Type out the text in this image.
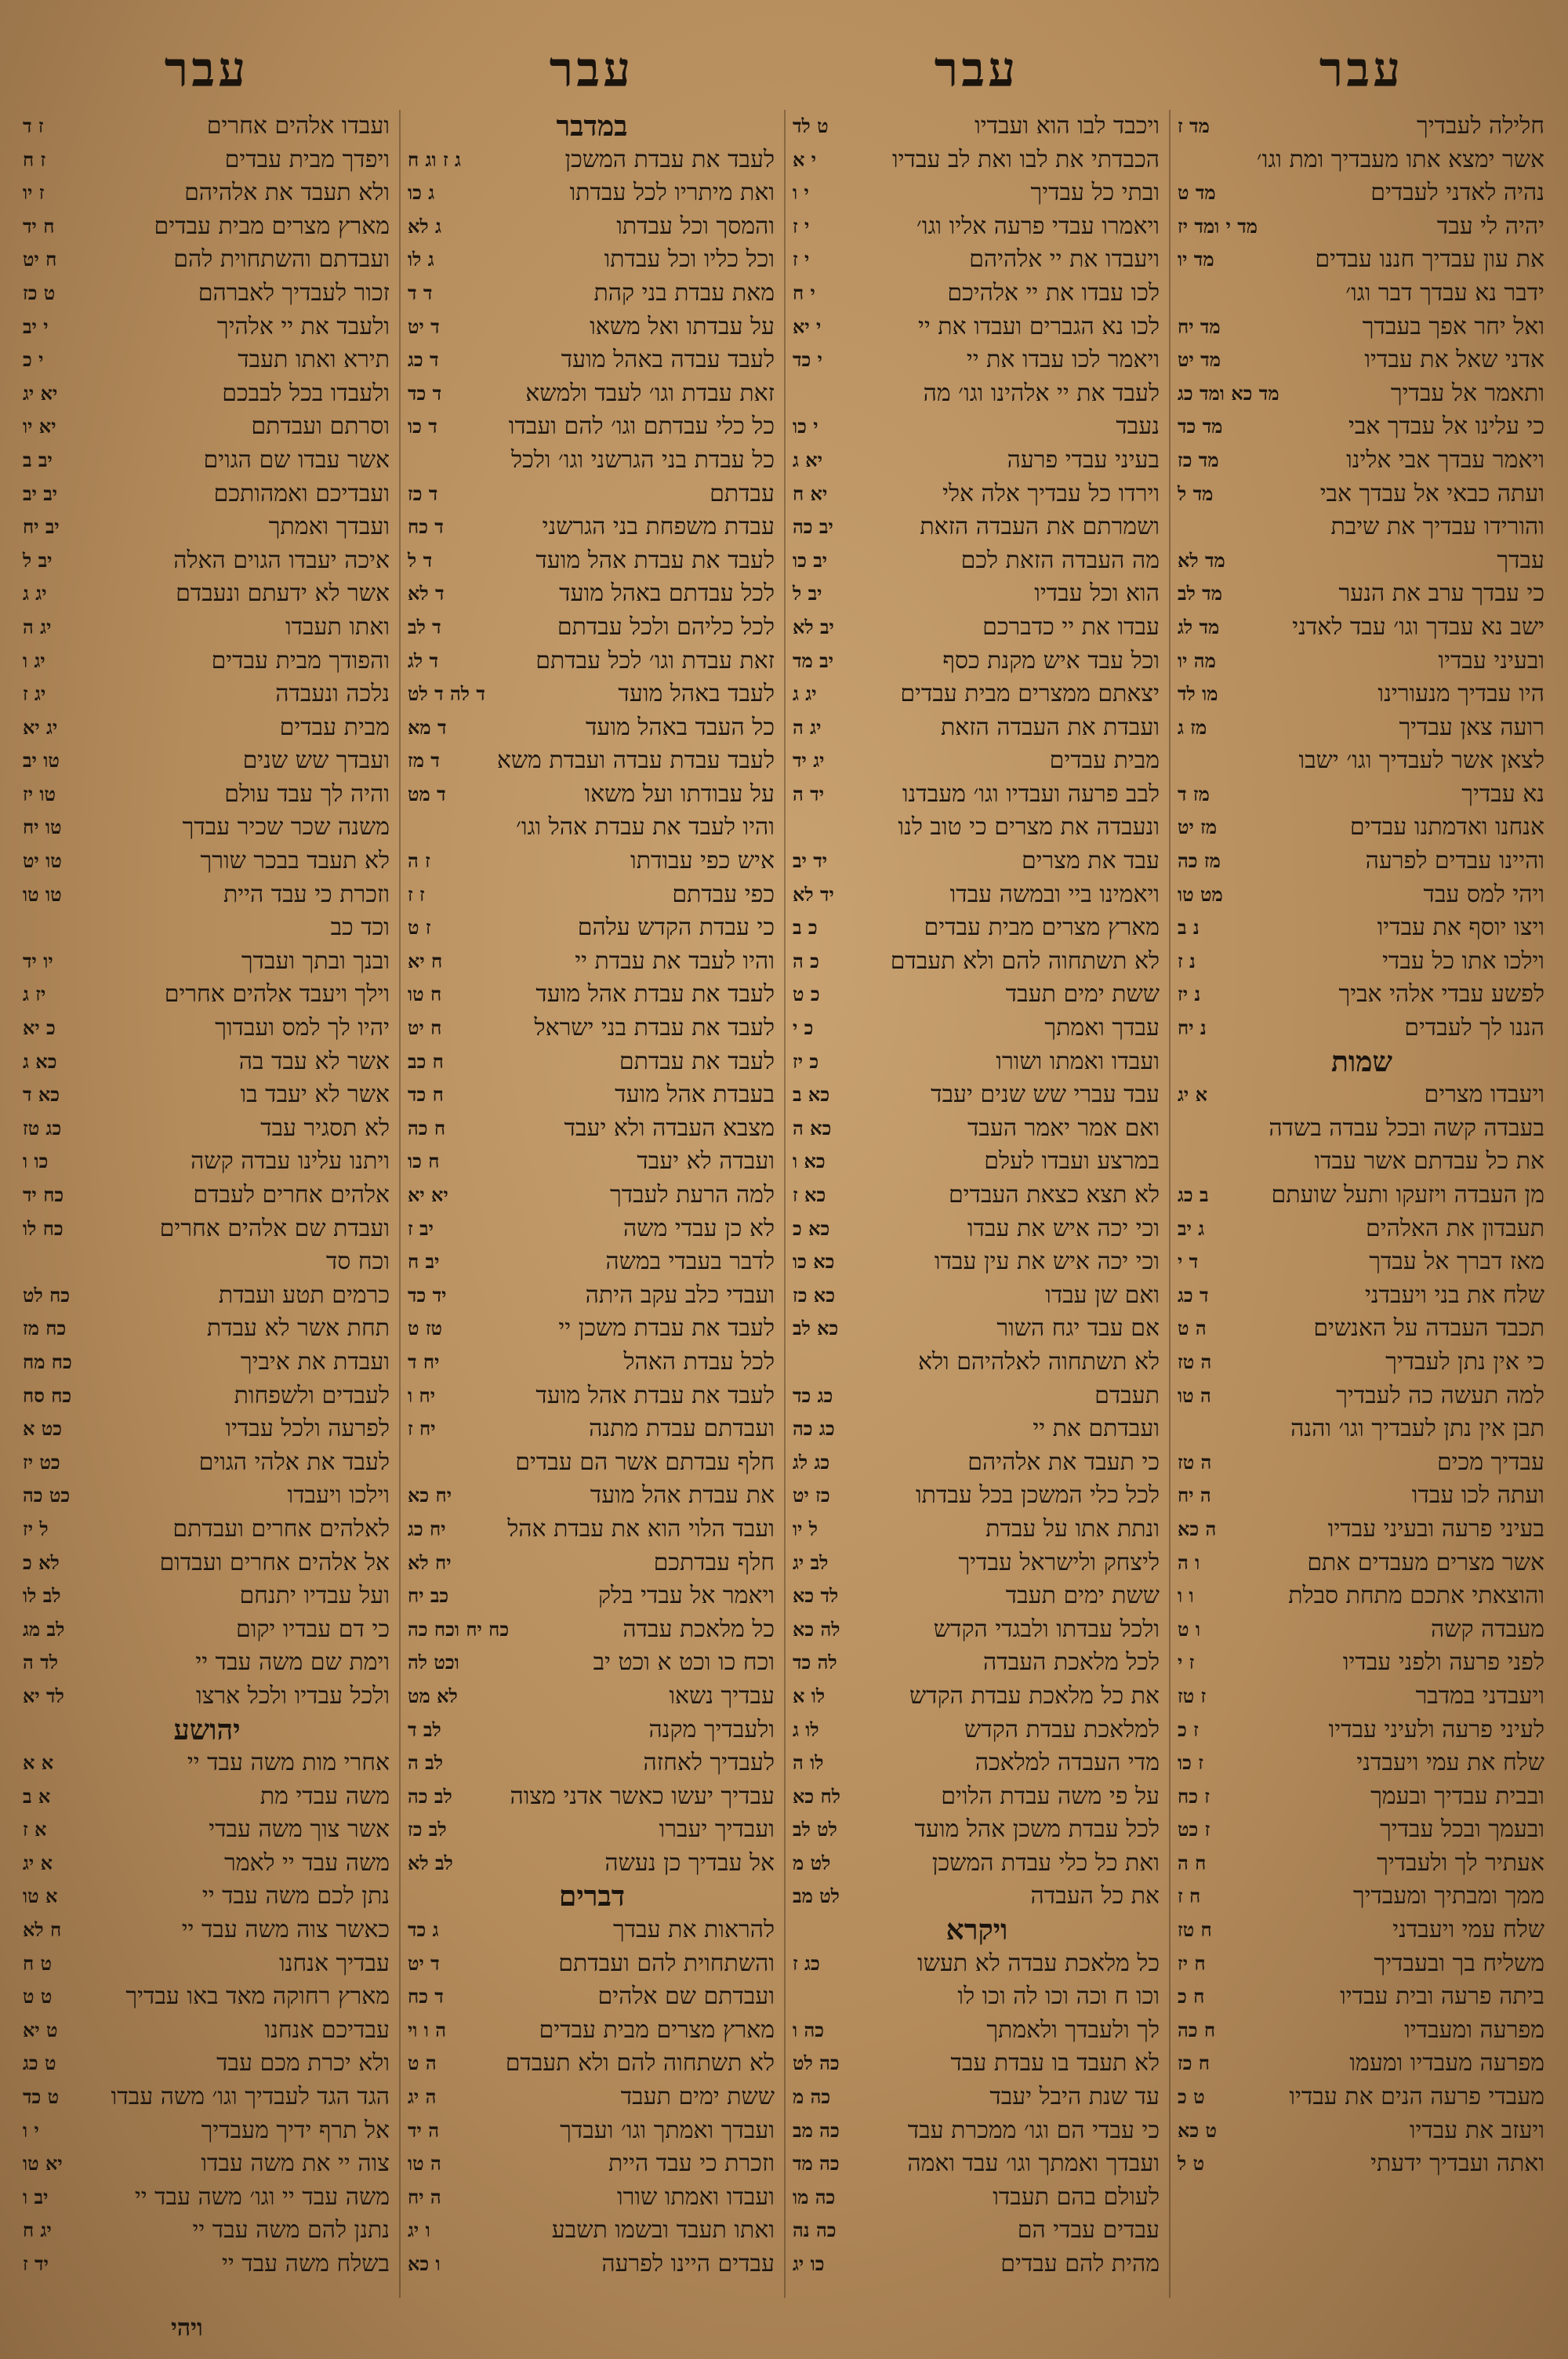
עבר
עבר
עבר
עבר
חלילה לעבדיך
מד ז
אשר ימצא אתו מעבדיך ומת וגו׳
נהיה לאדני לעבדים
מד ט
יהיה לי עבד
מד י ומד יז
את עון עבדיך חננו עבדים
מד יו
ידבר נא עבדך דבר וגו׳
ואל יחר אפך בעבדך
מד יח
אדני שאל את עבדיו
מד יט
ותאמר אל עבדיך
מד כא ומד כג
כי עלינו אל עבדך אבי
מד כד
ויאמר עבדך אבי אלינו
מד כז
ועתה כבאי אל עבדך אבי
מד ל
והורידו עבדיך את שיבת
עבדך
מד לא
כי עבדך ערב את הנער
מד לב
ישב נא עבדך וגו׳ עבד לאדני
מד לג
ובעיני עבדיו
מה יו
היו עבדיך מנעורינו
מו לד
רועה צאן עבדיך
מז ג
לצאן אשר לעבדיך וגו׳ ישבו
נא עבדיך
מז ד
אנחנו ואדמתנו עבדים
מז יט
והיינו עבדים לפרעה
מז כה
ויהי למס עבד
מט טו
ויצו יוסף את עבדיו
נ ב
וילכו אתו כל עבדי
נ ז
לפשע עבדי אלהי אביך
נ יז
הננו לך לעבדים
נ יח
שמות
ויעבדו מצרים
א יג
בעבדה קשה ובכל עבדה בשדה
את כל עבדתם אשר עבדו
מן העבדה ויזעקו ותעל שועתם
ב כג
תעבדון את האלהים
ג יב
מאז דברך אל עבדך
ד י
שלח את בני ויעבדני
ד כג
תכבד העבדה על האנשים
ה ט
כי אין נתן לעבדיך
ה טז
למה תעשה כה לעבדיך
ה טו
תבן אין נתן לעבדיך וגו׳ והנה
עבדיך מכים
ה טז
ועתה לכו עבדו
ה יח
בעיני פרעה ובעיני עבדיו
ה כא
אשר מצרים מעבדים אתם
ו ה
והוצאתי אתכם מתחת סבלת
ו ו
מעבדה קשה
ו ט
לפני פרעה ולפני עבדיו
ז י
ויעבדני במדבר
ז טז
לעיני פרעה ולעיני עבדיו
ז כ
שלח את עמי ויעבדני
ז כו
ובבית עבדיך ובעמך
ז כח
ובעמך ובכל עבדיך
ז כט
אעתיר לך ולעבדיך
ח ה
ממך ומבתיך ומעבדיך
ח ז
שלח עמי ויעבדני
ח טז
משליח בך ובעבדיך
ח יז
ביתה פרעה ובית עבדיו
ח כ
מפרעה ומעבדיו
ח כה
מפרעה מעבדיו ומעמו
ח כז
מעבדי פרעה הנים את עבדיו
ט כ
ויעזב את עבדיו
ט כא
ואתה ועבדיך ידעתי
ט ל
ויכבד לבו הוא ועבדיו
ט לד
הכבדתי את לבו ואת לב עבדיו
י א
ובתי כל עבדיך
י ו
ויאמרו עבדי פרעה אליו וגו׳
י ז
ויעבדו את יי אלהיהם
י ז
לכו עבדו את יי אלהיכם
י ח
לכו נא הגברים ועבדו את יי
י יא
ויאמר לכו עבדו את יי
י כד
לעבד את יי אלהינו וגו׳ מה
נעבד
י כו
בעיני עבדי פרעה
יא ג
וירדו כל עבדיך אלה אלי
יא ח
ושמרתם את העבדה הזאת
יב כה
מה העבדה הזאת לכם
יב כו
הוא וכל עבדיו
יב ל
עבדו את יי כדברכם
יב לא
וכל עבד איש מקנת כסף
יב מד
יצאתם ממצרים מבית עבדים
יג ג
ועבדת את העבדה הזאת
יג ה
מבית עבדים
יג יד
לבב פרעה ועבדיו וגו׳ מעבדנו
יד ה
ונעבדה את מצרים כי טוב לנו
עבד את מצרים
יד יב
ויאמינו ביי ובמשה עבדו
יד לא
מארץ מצרים מבית עבדים
כ ב
לא תשתחוה להם ולא תעבדם
כ ה
ששת ימים תעבד
כ ט
עבדך ואמתך
כ י
ועבדו ואמתו ושורו
כ יז
עבד עברי שש שנים יעבד
כא ב
ואם אמר יאמר העבד
כא ה
במרצע ועבדו לעלם
כא ו
לא תצא כצאת העבדים
כא ז
וכי יכה איש את עבדו
כא כ
וכי יכה איש את עין עבדו
כא כו
ואם שן עבדו
כא כז
אם עבד יגח השור
כא לב
לא תשתחוה לאלהיהם ולא
תעבדם
כג כד
ועבדתם את יי
כג כה
כי תעבד את אלהיהם
כג לג
לכל כלי המשכן בכל עבדתו
כז יט
ונתת אתו על עבדת
ל יו
ליצחק ולישראל עבדיך
לב יג
ששת ימים תעבד
לד כא
ולכל עבדתו ולבגדי הקדש
לה כא
לכל מלאכת העבדה
לה כד
את כל מלאכת עבדת הקדש
לו א
למלאכת עבדת הקדש
לו ג
מדי העבדה למלאכה
לו ה
על פי משה עבדת הלוים
לח כא
לכל עבדת משכן אהל מועד
לט לב
ואת כל כלי עבדת המשכן
לט מ
את כל העבדה
לט מב
ויקרא
כל מלאכת עבדה לא תעשו
כג ז
וכו ח וכה וכו לה וכו לו
לך ולעבדך ולאמתך
כה ו
לא תעבד בו עבדת עבד
כה לט
עד שנת היבל יעבד
כה מ
כי עבדי הם וגו׳ ממכרת עבד
כה מב
ועבדך ואמתך וגו׳ עבד ואמה
כה מד
לעולם בהם תעבדו
כה מו
עבדים עבדי הם
כה נה
מהית להם עבדים
כו יג
במדבר
לעבד את עבדת המשכן
ג ז וג ח
ואת מיתריו לכל עבדתו
ג כו
והמסך וכל עבדתו
ג לא
וכל כליו וכל עבדתו
ג לו
מאת עבדת בני קהת
ד ד
על עבדתו ואל משאו
ד יט
לעבד עבדה באהל מועד
ד כג
זאת עבדת וגו׳ לעבד ולמשא
ד כד
כל כלי עבדתם וגו׳ להם ועבדו
ד כו
כל עבדת בני הגרשני וגו׳ ולכל
עבדתם
ד כז
עבדת משפחת בני הגרשני
ד כח
לעבד את עבדת אהל מועד
ד ל
לכל עבדתם באהל מועד
ד לא
לכל כליהם ולכל עבדתם
ד לב
זאת עבדת וגו׳ לכל עבדתם
ד לג
לעבד באהל מועד
ד לה ד לט
כל העבד באהל מועד
ד מא
לעבד עבדת עבדה ועבדת משא
ד מז
על עבודתו ועל משאו
ד מט
והיו לעבד את עבדת אהל וגו׳
איש כפי עבודתו
ז ה
כפי עבדתם
ז ז
כי עבדת הקדש עלהם
ז ט
והיו לעבד את עבדת יי
ח יא
לעבד את עבדת אהל מועד
ח טו
לעבד את עבדת בני ישראל
ח יט
לעבד את עבדתם
ח כב
בעבדת אהל מועד
ח כד
מצבא העבדה ולא יעבד
ח כה
ועבדה לא יעבד
ח כו
למה הרעת לעבדך
יא יא
לא כן עבדי משה
יב ז
לדבר בעבדי במשה
יב ח
ועבדי כלב עקב היתה
יד כד
לעבד את עבדת משכן יי
טז ט
לכל עבדת האהל
יח ד
לעבד את עבדת אהל מועד
יח ו
ועבדתם עבדת מתנה
יח ז
חלף עבדתם אשר הם עבדים
את עבדת אהל מועד
יח כא
ועבד הלוי הוא את עבדת אהל
יח כג
חלף עבדתכם
יח לא
ויאמר אל עבדי בלק
כב יח
כל מלאכת עבדה
כח יח וכח כה
וכח כו וכט א וכט יב
וכט לה
עבדיך נשאו
לא מט
ולעבדיך מקנה
לב ד
לעבדיך לאחזה
לב ה
עבדיך יעשו כאשר אדני מצוה
לב כה
ועבדיך יעברו
לב כז
אל עבדיך כן נעשה
לב לא
דברים
להראות את עבדך
ג כד
והשתחוית להם ועבדתם
ד יט
ועבדתם שם אלהים
ד כח
מארץ מצרים מבית עבדים
ה ו וי
לא תשתחוה להם ולא תעבדם
ה ט
ששת ימים תעבד
ה יג
ועבדך ואמתך וגו׳ ועבדך
ה יד
וזכרת כי עבד היית
ה טו
ועבדו ואמתו שורו
ה יח
ואתו תעבד ובשמו תשבע
ו יג
עבדים היינו לפרעה
ו כא
ועבדו אלהים אחרים
ז ד
ויפדך מבית עבדים
ז ח
ולא תעבד את אלהיהם
ז יו
מארץ מצרים מבית עבדים
ח יד
ועבדתם והשתחוית להם
ח יט
זכור לעבדיך לאברהם
ט כז
ולעבד את יי אלהיך
י יב
תירא ואתו תעבד
י כ
ולעבדו בכל לבבכם
יא יג
וסרתם ועבדתם
יא יו
אשר עבדו שם הגוים
יב ב
ועבדיכם ואמהותכם
יב יב
ועבדך ואמתך
יב יח
איכה יעבדו הגוים האלה
יב ל
אשר לא ידעתם ונעבדם
יג ג
ואתו תעבדו
יג ה
והפודך מבית עבדים
יג ו
נלכה ונעבדה
יג ז
מבית עבדים
יג יא
ועבדך שש שנים
טו יב
והיה לך עבד עולם
טו יז
משנה שכר שכיר עבדך
טו יח
לא תעבד בבכר שורך
טו יט
וזכרת כי עבד היית
טו טו
וכד כב
ובנך ובתך ועבדך
יו יד
וילך ויעבד אלהים אחרים
יז ג
יהיו לך למס ועבדוך
כ יא
אשר לא עבד בה
כא ג
אשר לא יעבד בו
כא ד
לא תסגיר עבד
כג טז
ויתנו עלינו עבדה קשה
כו ו
אלהים אחרים לעבדם
כח יד
ועבדת שם אלהים אחרים
כח לו
וכח סד
כרמים תטע ועבדת
כח לט
תחת אשר לא עבדת
כח מז
ועבדת את איביך
כח מח
לעבדים ולשפחות
כח סח
לפרעה ולכל עבדיו
כט א
לעבד את אלהי הגוים
כט יז
וילכו ויעבדו
כט כה
לאלהים אחרים ועבדתם
ל יז
אל אלהים אחרים ועבדום
לא כ
ועל עבדיו יתנחם
לב לו
כי דם עבדיו יקום
לב מג
וימת שם משה עבד יי
לד ה
ולכל עבדיו ולכל ארצו
לד יא
יהושע
אחרי מות משה עבד יי
א א
משה עבדי מת
א ב
אשר צוך משה עבדי
א ז
משה עבד יי לאמר
א יג
נתן לכם משה עבד יי
א טו
כאשר צוה משה עבד יי
ח לא
עבדיך אנחנו
ט ח
מארץ רחוקה מאד באו עבדיך
ט ט
עבדיכם אנחנו
ט יא
ולא יכרת מכם עבד
ט כג
הגד הגד לעבדיך וגו׳ משה עבדו
ט כד
אל תרף ידיך מעבדיך
י ו
צוה יי את משה עבדו
יא טו
משה עבד יי וגו׳ משה עבד יי
יב ו
נתנן להם משה עבד יי
יג ח
בשלח משה עבד יי
יד ז
ויהי
